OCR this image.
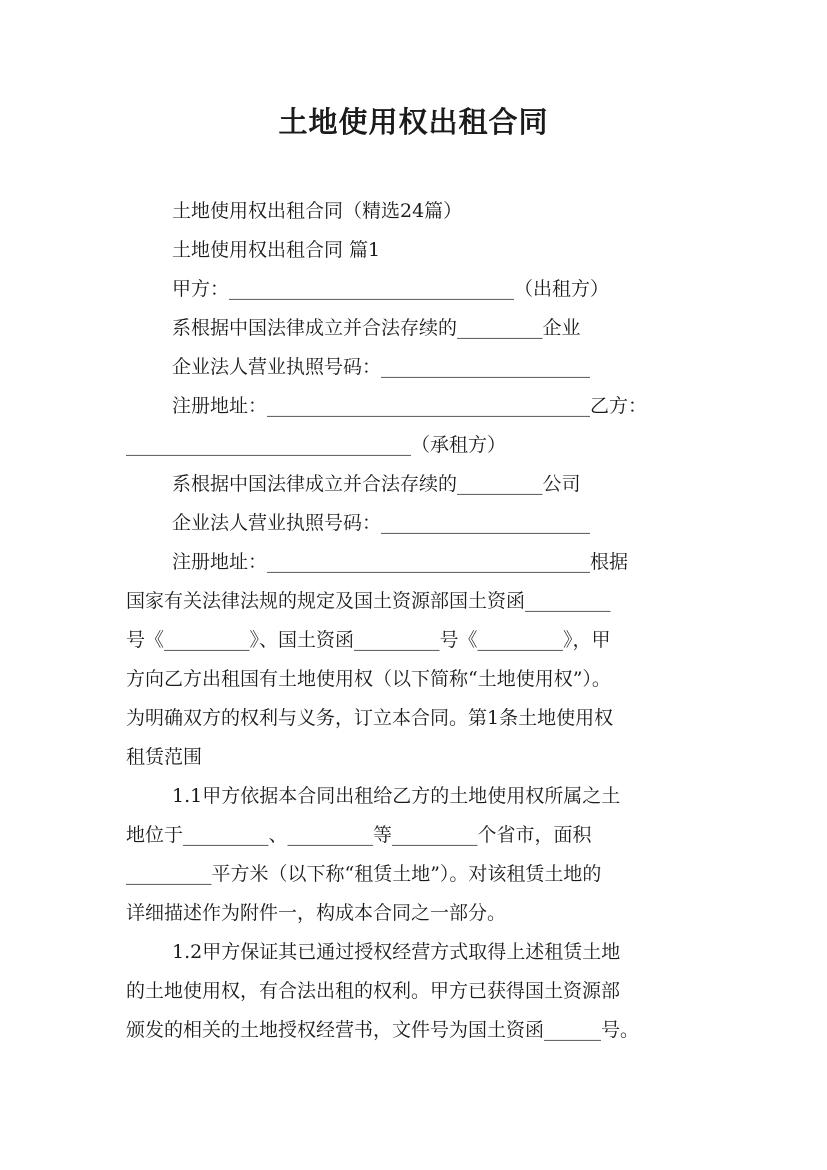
土地使用权出租合同
土地使用权出租合同（精选24篇）
土地使用权出租合同 篇1
甲方：______________________________（出租方）
系根据中国法律成立并合法存续的_________企业
企业法人营业执照号码：______________________
注册地址：__________________________________乙方：
______________________________（承租方）
系根据中国法律成立并合法存续的_________公司
企业法人营业执照号码：______________________
注册地址：__________________________________根据
国家有关法律法规的规定及国土资源部国土资函_________
号《_________》、国土资函_________号《_________》，甲
方向乙方出租国有土地使用权（以下简称“土地使用权”）。
为明确双方的权利与义务，订立本合同。第1条土地使用权
租赁范围
1.1甲方依据本合同出租给乙方的土地使用权所属之土
地位于_________、_________等_________个省市，面积
_________平方米（以下称“租赁土地”）。对该租赁土地的
详细描述作为附件一，构成本合同之一部分。
1.2甲方保证其已通过授权经营方式取得上述租赁土地
的土地使用权，有合法出租的权利。甲方已获得国土资源部
颁发的相关的土地授权经营书，文件号为国土资函______号。
